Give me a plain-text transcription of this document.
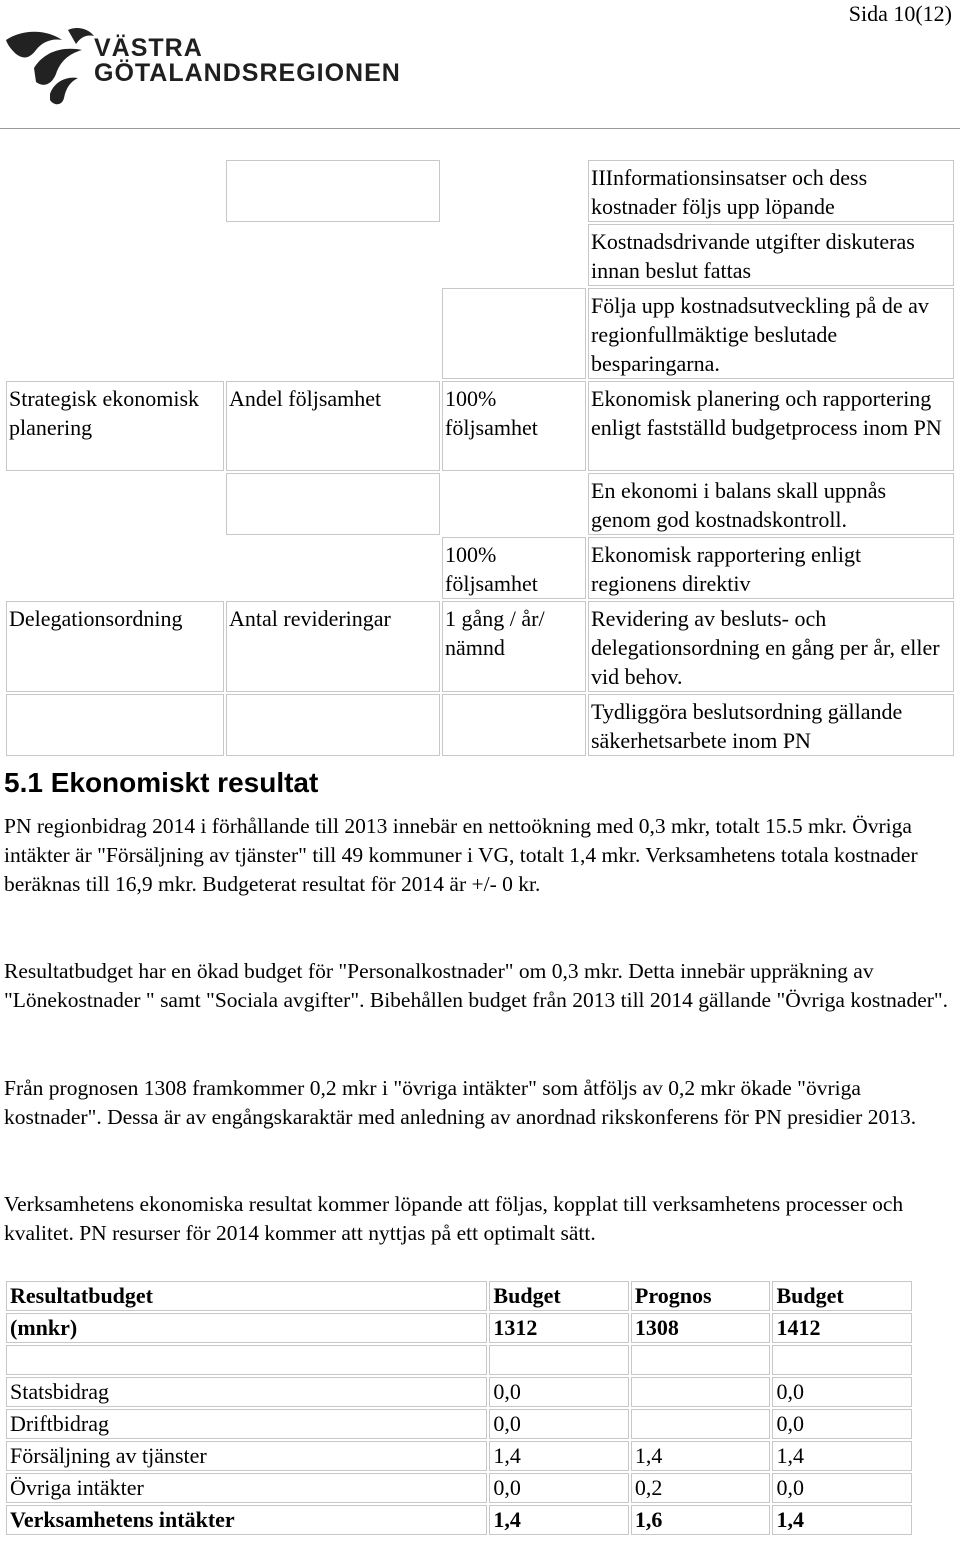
Sida 10(12)
VÄSTRA
GÖTALANDSREGIONEN
			IIInformationsinsatser och dess kostnader följs upp löpande
			Kostnadsdrivande utgifter diskuteras innan beslut fattas
			Följa upp kostnadsutveckling på de av regionfullmäktige beslutade besparingarna.
Strategisk ekonomisk planering	Andel följsamhet	100% följsamhet	Ekonomisk planering och rapportering enligt fastställd budgetprocess inom PN
			En ekonomi i balans skall uppnås genom god kostnadskontroll.
		100% följsamhet	Ekonomisk rapportering enligt regionens direktiv
Delegationsordning	Antal revideringar	1 gång / år/ nämnd	Revidering av besluts- och delegationsordning en gång per år, eller vid behov.
			Tydliggöra beslutsordning gällande säkerhetsarbete inom PN
5.1 Ekonomiskt resultat

PN regionbidrag 2014 i förhållande till 2013 innebär en nettoökning med 0,3 mkr, totalt 15.5 mkr. Övriga intäkter är "Försäljning av tjänster" till 49 kommuner i VG, totalt 1,4 mkr. Verksamhetens totala kostnader beräknas till 16,9 mkr. Budgeterat resultat för 2014 är +/- 0 kr.

Resultatbudget har en ökad budget för "Personalkostnader" om 0,3 mkr. Detta innebär uppräkning av "Lönekostnader " samt "Sociala avgifter". Bibehållen budget från 2013 till 2014 gällande "Övriga kostnader".

Från prognosen 1308 framkommer 0,2 mkr i "övriga intäkter" som åtföljs av 0,2 mkr ökade "övriga kostnader". Dessa är av engångskaraktär med anledning av anordnad rikskonferens för PN presidier 2013.

Verksamhetens ekonomiska resultat kommer löpande att följas, kopplat till verksamhetens processer och kvalitet. PN resurser för 2014 kommer att nyttjas på ett optimalt sätt.

Resultatbudget	Budget	Prognos	Budget
(mnkr)	1312	1308	1412

Statsbidrag	0,0		0,0
Driftbidrag	0,0		0,0
Försäljning av tjänster	1,4	1,4	1,4
Övriga intäkter	0,0	0,2	0,0
Verksamhetens intäkter	1,4	1,6	1,4
